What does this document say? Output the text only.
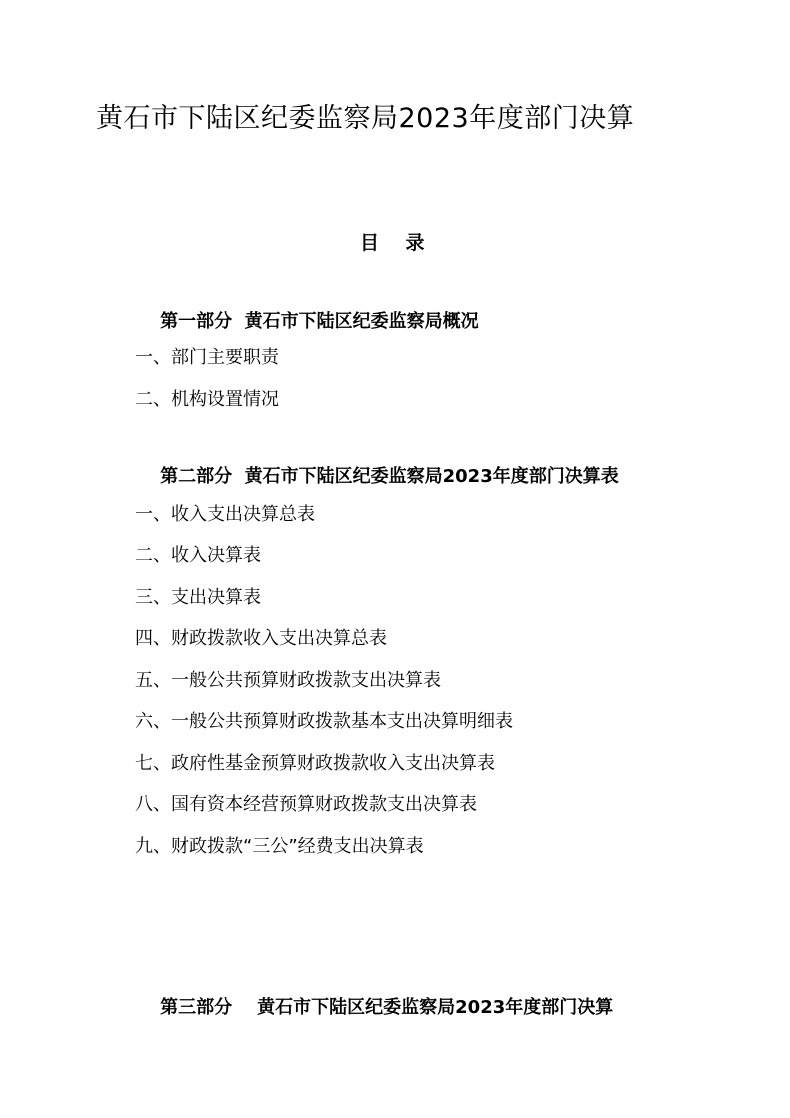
黄石市下陆区纪委监察局2023年度部门决算
目    录

第一部分 黄石市下陆区纪委监察局概况

一、部门主要职责
二、机构设置情况

第二部分 黄石市下陆区纪委监察局2023年度部门决算表

一、收入支出决算总表
二、收入决算表
三、支出决算表
四、财政拨款收入支出决算总表
五、一般公共预算财政拨款支出决算表
六、一般公共预算财政拨款基本支出决算明细表
七、政府性基金预算财政拨款收入支出决算表
八、国有资本经营预算财政拨款支出决算表
九、财政拨款“三公”经费支出决算表

第三部分 黄石市下陆区纪委监察局2023年度部门决算
